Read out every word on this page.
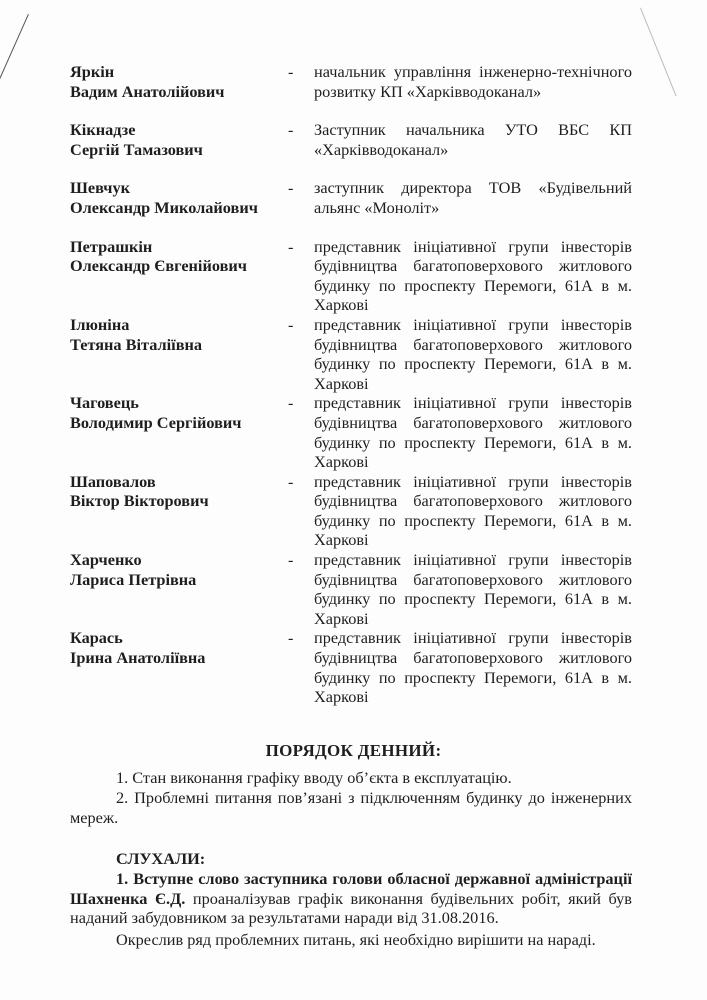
Яркін
Вадим Анатолійович
-	начальник управління інженерно-технічного розвитку КП «Харківводоканал»
Кікнадзе
Сергій Тамазович
-	Заступник начальника УТО ВБС КП «Харківводоканал»
Шевчук
Олександр Миколайович
-	заступник директора ТОВ «Будівельний альянс «Моноліт»
Петрашкін
Олександр Євгенійович
-	представник ініціативної групи інвесторів будівництва багатоповерхового житлового будинку по проспекту Перемоги, 61А в м. Харкові
Ілюніна
Тетяна Віталіївна
-	представник ініціативної групи інвесторів будівництва багатоповерхового житлового будинку по проспекту Перемоги, 61А в м. Харкові
Чаговець
Володимир Сергійович
-	представник ініціативної групи інвесторів будівництва багатоповерхового житлового будинку по проспекту Перемоги, 61А в м. Харкові
Шаповалов
Віктор Вікторович
-	представник ініціативної групи інвесторів будівництва багатоповерхового житлового будинку по проспекту Перемоги, 61А в м. Харкові
Харченко
Лариса Петрівна
-	представник ініціативної групи інвесторів будівництва багатоповерхового житлового будинку по проспекту Перемоги, 61А в м. Харкові
Карась
Ірина Анатоліївна
-	представник ініціативної групи інвесторів будівництва багатоповерхового житлового будинку по проспекту Перемоги, 61А в м. Харкові
ПОРЯДОК ДЕННИЙ:

1. Стан виконання графіку вводу об’єкта в експлуатацію.

2. Проблемні питання пов’язані з підключенням будинку до інженерних мереж.

СЛУХАЛИ:

1. Вступне слово заступника голови обласної державної адміністрації Шахненка Є.Д. проаналізував графік виконання будівельних робіт, який був наданий забудовником за результатами наради від 31.08.2016.

Окреслив ряд проблемних питань, які необхідно вирішити на нараді.
